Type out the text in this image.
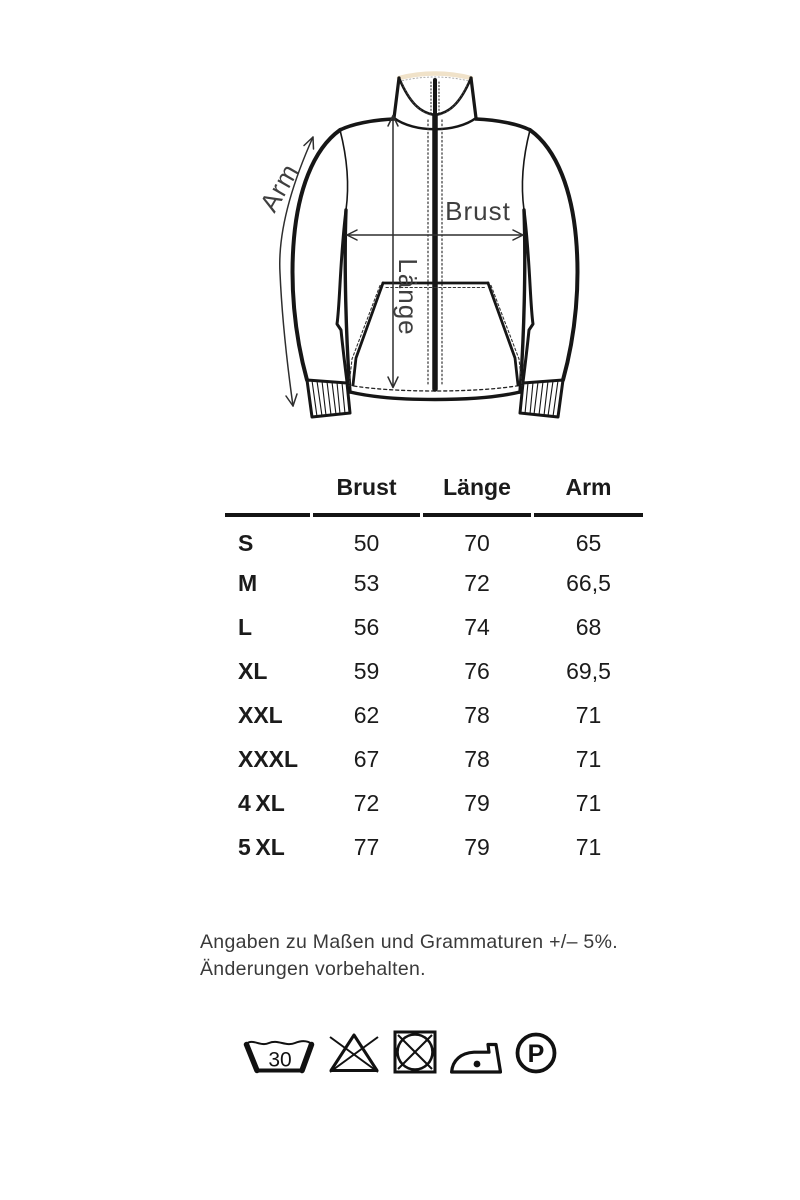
Brust
Länge
Arm
	Brust	Länge	Arm
S	50	70	65
M	53	72	66,5
L	56	74	68
XL	59	76	69,5
XXL	62	78	71
XXXL	67	78	71
4 XL	72	79	71
5 XL	77	79	71
Angaben zu Maßen und Grammaturen +/– 5%.
Änderungen vorbehalten.
30	P
